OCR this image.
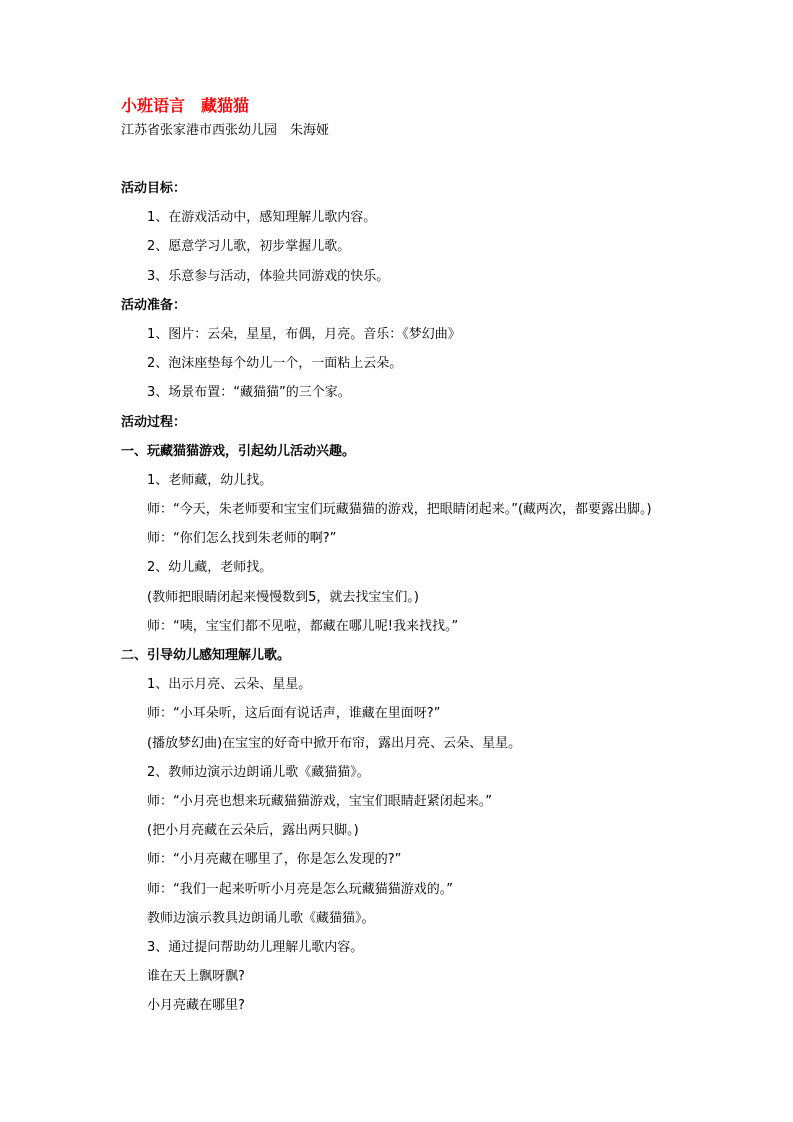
小班语言　藏猫猫
江苏省张家港市西张幼儿园　朱海娅
活动目标：
1、在游戏活动中，感知理解儿歌内容。
2、愿意学习儿歌，初步掌握儿歌。
3、乐意参与活动，体验共同游戏的快乐。
活动准备：
1、图片：云朵，星星，布偶，月亮。音乐：《梦幻曲》
2、泡沫座垫每个幼儿一个，一面粘上云朵。
3、场景布置：“藏猫猫”的三个家。
活动过程：
一、玩藏猫猫游戏，引起幼儿活动兴趣。
1、老师藏，幼儿找。
师：“今天，朱老师要和宝宝们玩藏猫猫的游戏，把眼睛闭起来。”(藏两次，都要露出脚。)
师：“你们怎么找到朱老师的啊?”
2、幼儿藏，老师找。
(教师把眼睛闭起来慢慢数到5，就去找宝宝们。)
师：“咦，宝宝们都不见啦，都藏在哪儿呢!我来找找。”
二、引导幼儿感知理解儿歌。
1、出示月亮、云朵、星星。
师：“小耳朵听，这后面有说话声，谁藏在里面呀?”
(播放梦幻曲)在宝宝的好奇中掀开布帘，露出月亮、云朵、星星。
2、教师边演示边朗诵儿歌《藏猫猫》。
师：“小月亮也想来玩藏猫猫游戏，宝宝们眼睛赶紧闭起来。”
(把小月亮藏在云朵后，露出两只脚。)
师：“小月亮藏在哪里了，你是怎么发现的?”
师：“我们一起来听听小月亮是怎么玩藏猫猫游戏的。”
教师边演示教具边朗诵儿歌《藏猫猫》。
3、通过提问帮助幼儿理解儿歌内容。
谁在天上飘呀飘?
小月亮藏在哪里?
